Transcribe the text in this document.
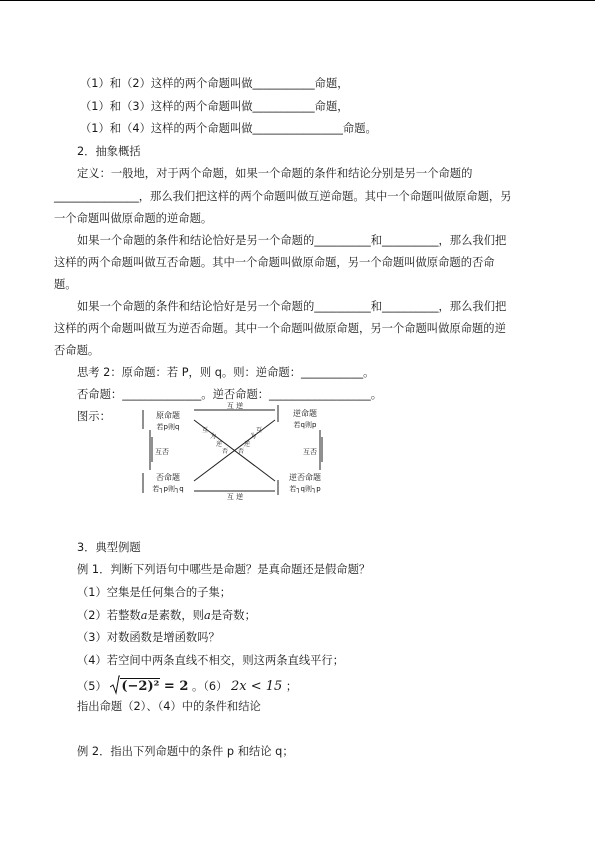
（1）和（2）这样的两个命题叫做___________命题，
（1）和（3）这样的两个命题叫做___________命题，
（1）和（4）这样的两个命题叫做________________命题。
2．抽象概括
定义：一般地，对于两个命题，如果一个命题的条件和结论分别是另一个命题的
_______________，那么我们把这样的两个命题叫做互逆命题。其中一个命题叫做原命题，另
一个命题叫做原命题的逆命题。
如果一个命题的条件和结论恰好是另一个命题的__________和__________，那么我们把
这样的两个命题叫做互否命题。其中一个命题叫做原命题，另一个命题叫做原命题的否命
题。
如果一个命题的条件和结论恰好是另一个命题的__________和__________，那么我们把
这样的两个命题叫做互为逆否命题。其中一个命题叫做原命题，另一个命题叫做原命题的逆
否命题。
思考 2：原命题：若 P，则 q。则：逆命题：___________。
否命题：______________。逆否命题：__________________。
图示：	原命题
若p则q
逆命题
若q则p
否命题
若┐p则┐q
逆否命题
若┐q则┐p
互 逆
互 逆
互否	互否
为
逆
否
互	互
为
逆
否
3．典型例题
例 1．判断下列语句中哪些是命题？是真命题还是假命题？
（1）空集是任何集合的子集；
（2）若整数a是素数，则a是奇数；
（3）对数函数是增函数吗？
（4）若空间中两条直线不相交，则这两条直线平行；
（5） (−2)² = 2 。（6） 2x < 15 ；
指出命题（2）、（4）中的条件和结论
例 2．指出下列命题中的条件 p 和结论 q；
